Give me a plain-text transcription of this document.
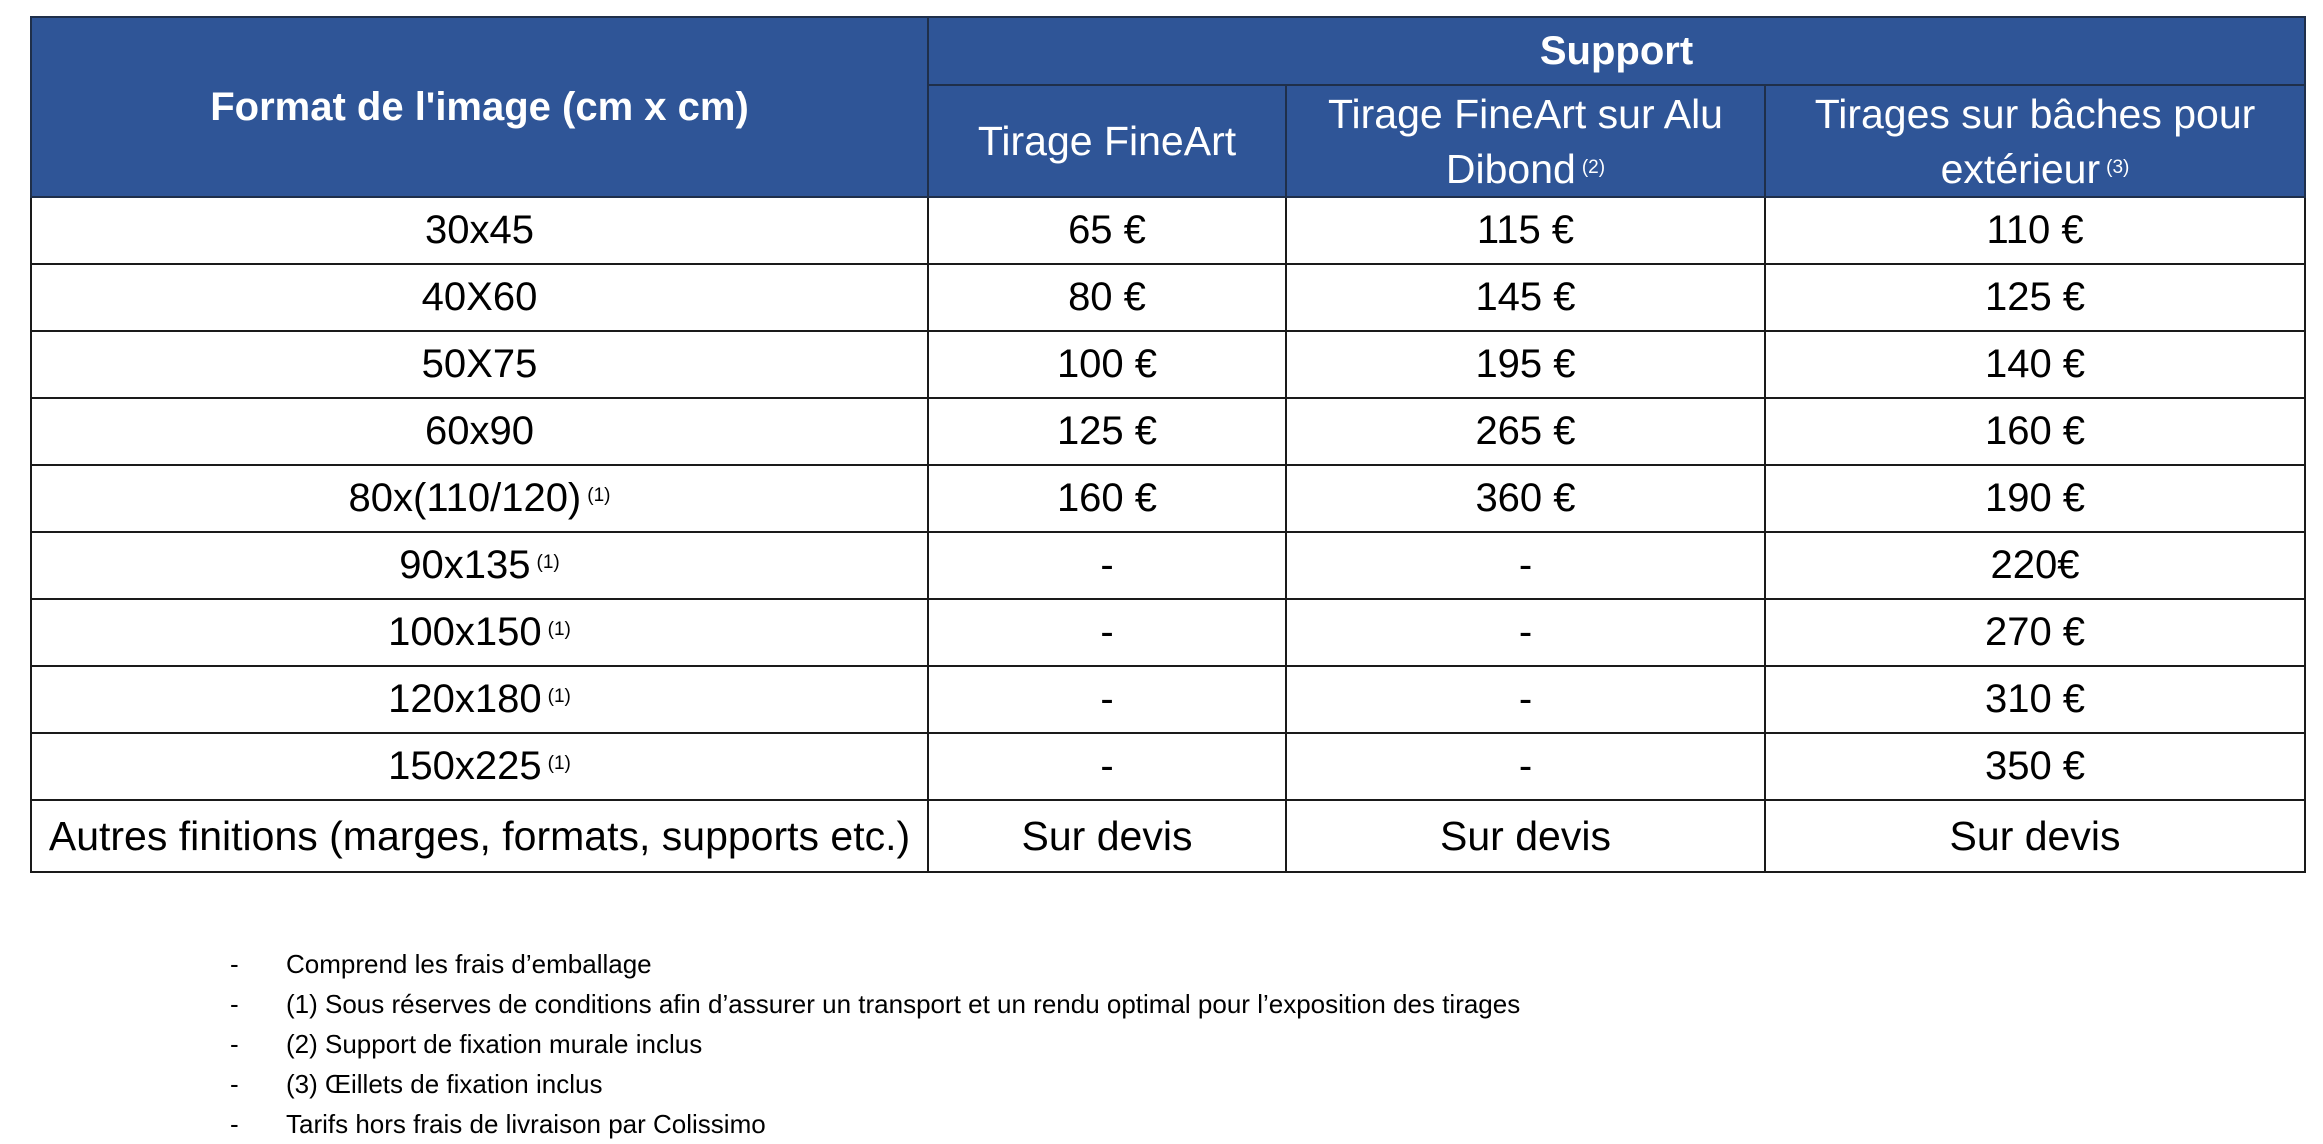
Format de l'image (cm x cm)	Support		
	Tirage FineArt	Tirage FineArt sur Alu Dibond $^{(2)}$	Tirages sur bâches pour extérieur $^{(3)}$
30x45	65 €	115 €	110 €
40X60	80 €	145 €	125 €
50X75	100 €	195 €	140 €
60x90	125 €	265 €	160 €
80x(110/120) $^{(1)}$	160 €	360 €	190 €
90x135 $^{(1)}$	-	-	220€
100x150 $^{(1)}$	-	-	270 €
120x180 $^{(1)}$	-	-	310 €
150x225 $^{(1)}$	-	-	350 €
Autres finitions (marges, formats, supports etc.)	Sur devis	Sur devis	Sur devis
- Comprend les frais d’emballage
- (1) Sous réserves de conditions afin d’assurer un transport et un rendu optimal pour l’exposition des tirages
- (2) Support de fixation murale inclus
- (3) Œillets de fixation inclus
- Tarifs hors frais de livraison par Colissimo
